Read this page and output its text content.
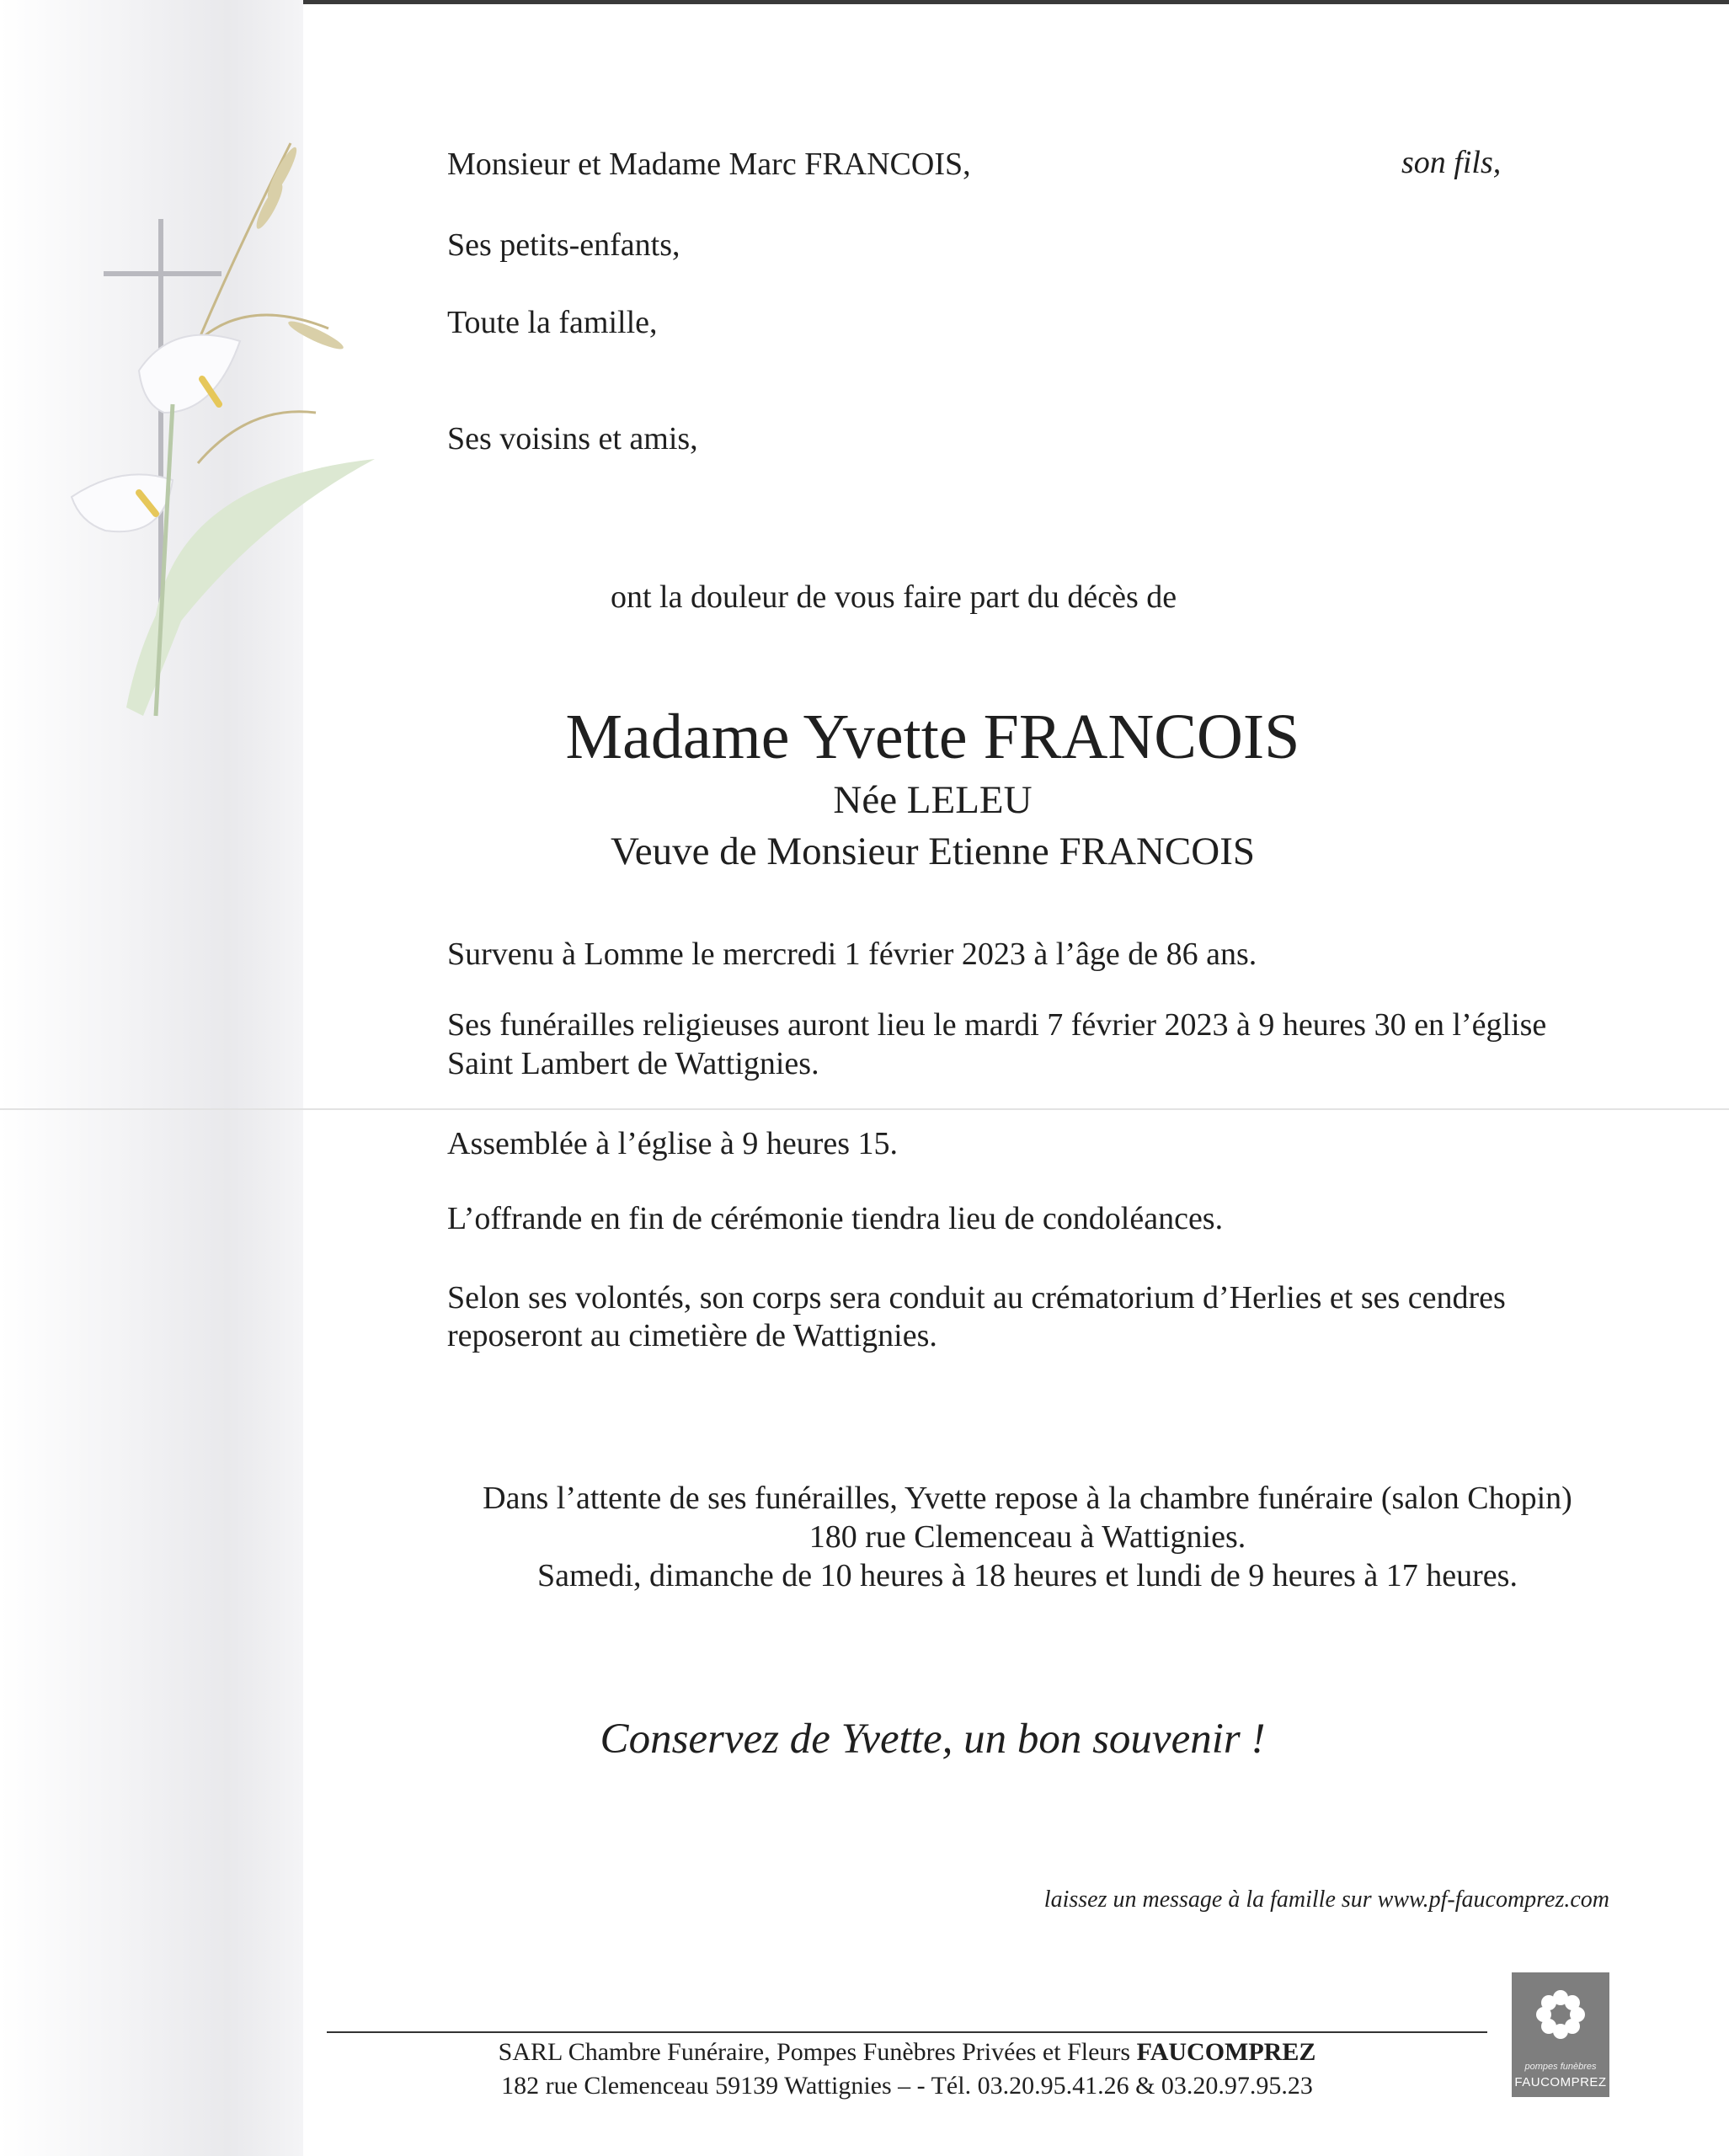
Monsieur et Madame Marc FRANCOIS,	son fils,
Ses petits-enfants,
Toute la famille,
Ses voisins et amis,
ont la douleur de vous faire part du décès de
Madame Yvette FRANCOIS
Née LELEU
Veuve de Monsieur Etienne FRANCOIS
Survenu à Lomme le mercredi 1 février 2023 à l’âge de 86 ans.
Ses funérailles religieuses auront lieu le mardi 7 février 2023 à 9 heures 30 en l’église
Saint Lambert de Wattignies.
Assemblée à l’église à 9 heures 15.
L’offrande en fin de cérémonie tiendra lieu de condoléances.
Selon ses volontés, son corps sera conduit au crématorium d’Herlies et ses cendres
reposeront au cimetière de Wattignies.
Dans l’attente de ses funérailles, Yvette repose à la chambre funéraire (salon Chopin)
180 rue Clemenceau à Wattignies.
Samedi, dimanche de 10 heures à 18 heures et lundi de 9 heures à 17 heures.
Conservez de Yvette, un bon souvenir !
laissez un message à la famille sur www.pf-faucomprez.com
SARL Chambre Funéraire, Pompes Funèbres Privées et Fleurs FAUCOMPREZ
182 rue Clemenceau 59139 Wattignies – - Tél. 03.20.95.41.26 & 03.20.97.95.23
pompes funèbres
FAUCOMPREZ
